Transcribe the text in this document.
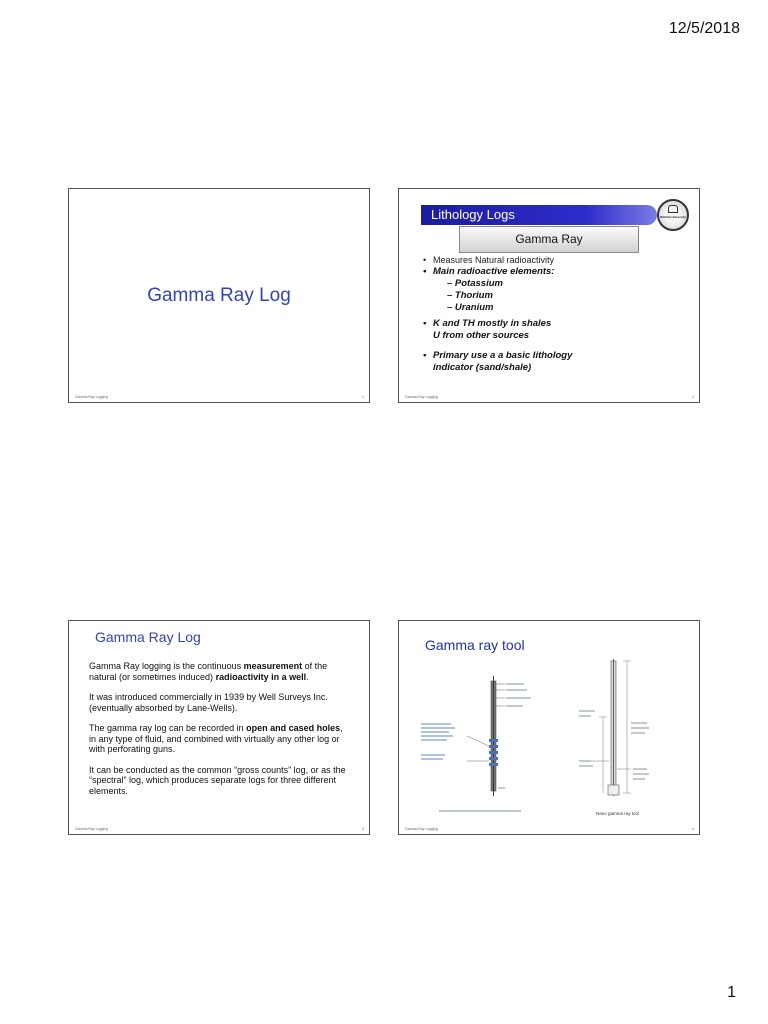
12/5/2018
Gamma Ray Log
Gamma Ray Logging	1
Lithology Logs	Wichita University
Gamma Ray
• Measures Natural radioactivity
• Main radioactive elements:
– Potassium
– Thorium
– Uranium
• K and TH mostly in shales
U from other sources
• Primary use a a basic lithology
indicator (sand/shale)
Gamma Ray Logging	2
Gamma Ray Log

Gamma Ray logging is the continuous measurement of the natural (or sometimes induced) radioactivity in a well.

It was introduced commercially in 1939 by Well Surveys Inc. (eventually absorbed by Lane-Wells).

The gamma ray log can be recorded in open and cased holes, in any type of fluid, and combined with virtually any other log or with perforating guns.

It can be conducted as the common “gross counts” log, or as the “spectral” log, which produces separate logs for three different elements.

Gamma Ray Logging	3
Gamma ray tool
Nano gamma ray tool
Gamma Ray Logging	4
1
